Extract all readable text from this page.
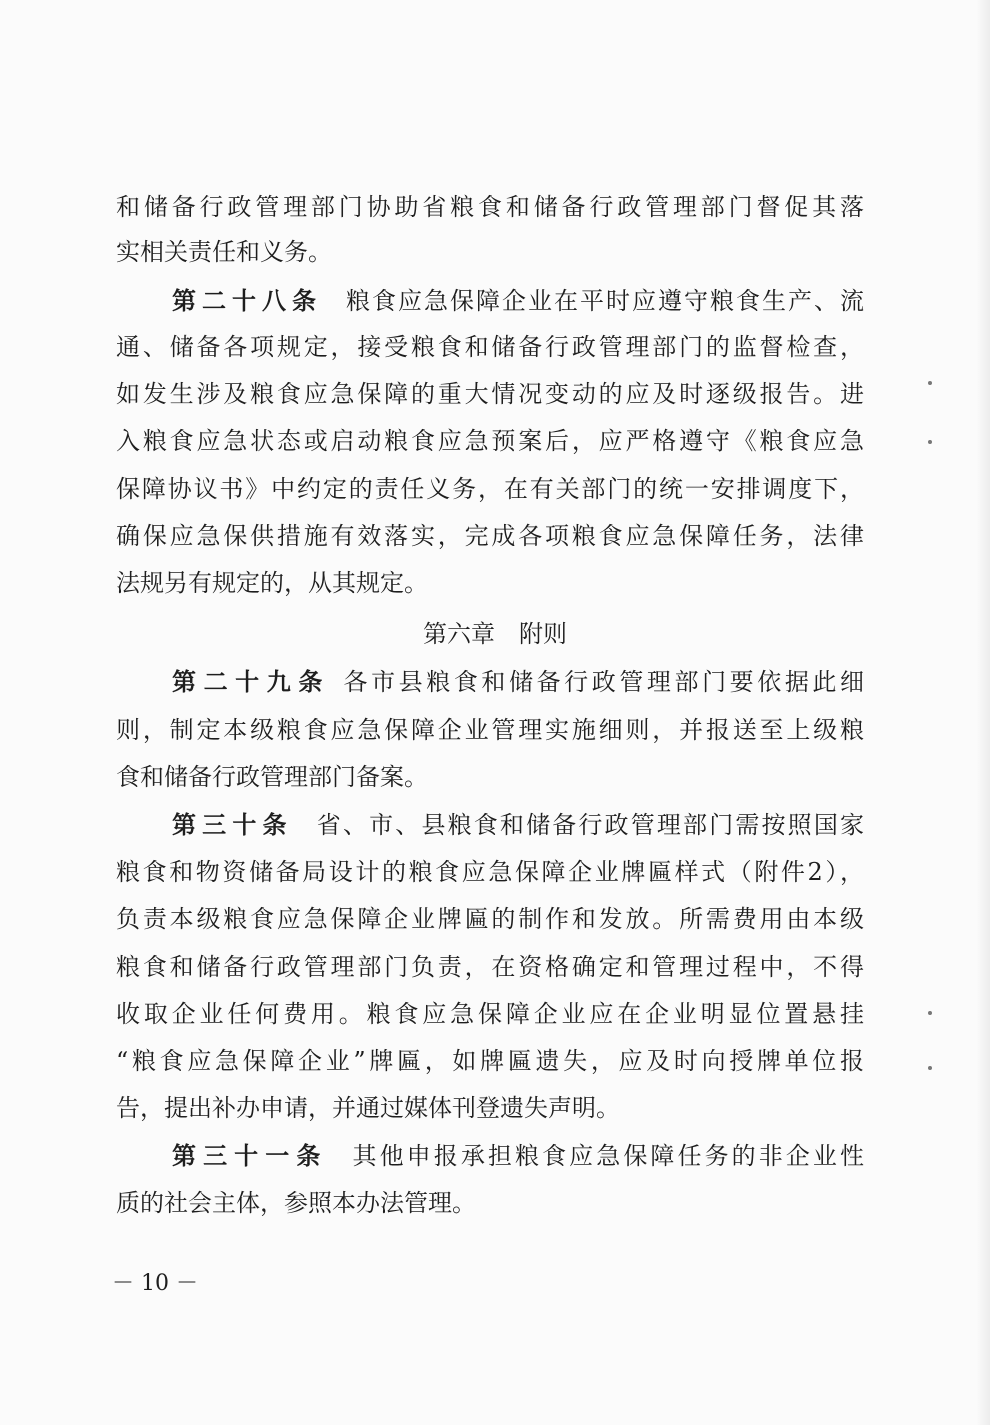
和储备行政管理部门协助省粮食和储备行政管理部门督促其落
实相关责任和义务。
第二十八条 粮食应急保障企业在平时应遵守粮食生产、流
通、储备各项规定，接受粮食和储备行政管理部门的监督检查，
如发生涉及粮食应急保障的重大情况变动的应及时逐级报告。进
入粮食应急状态或启动粮食应急预案后，应严格遵守《粮食应急
保障协议书》中约定的责任义务，在有关部门的统一安排调度下，
确保应急保供措施有效落实，完成各项粮食应急保障任务，法律
法规另有规定的，从其规定。
第六章　附则
第二十九条 各市县粮食和储备行政管理部门要依据此细
则，制定本级粮食应急保障企业管理实施细则，并报送至上级粮
食和储备行政管理部门备案。
第三十条 省、市、县粮食和储备行政管理部门需按照国家
粮食和物资储备局设计的粮食应急保障企业牌匾样式（附件2），
负责本级粮食应急保障企业牌匾的制作和发放。所需费用由本级
粮食和储备行政管理部门负责，在资格确定和管理过程中，不得
收取企业任何费用。粮食应急保障企业应在企业明显位置悬挂
“粮食应急保障企业”牌匾，如牌匾遗失，应及时向授牌单位报
告，提出补办申请，并通过媒体刊登遗失声明。
第三十一条 其他申报承担粮食应急保障任务的非企业性
质的社会主体，参照本办法管理。
－ 10 －
